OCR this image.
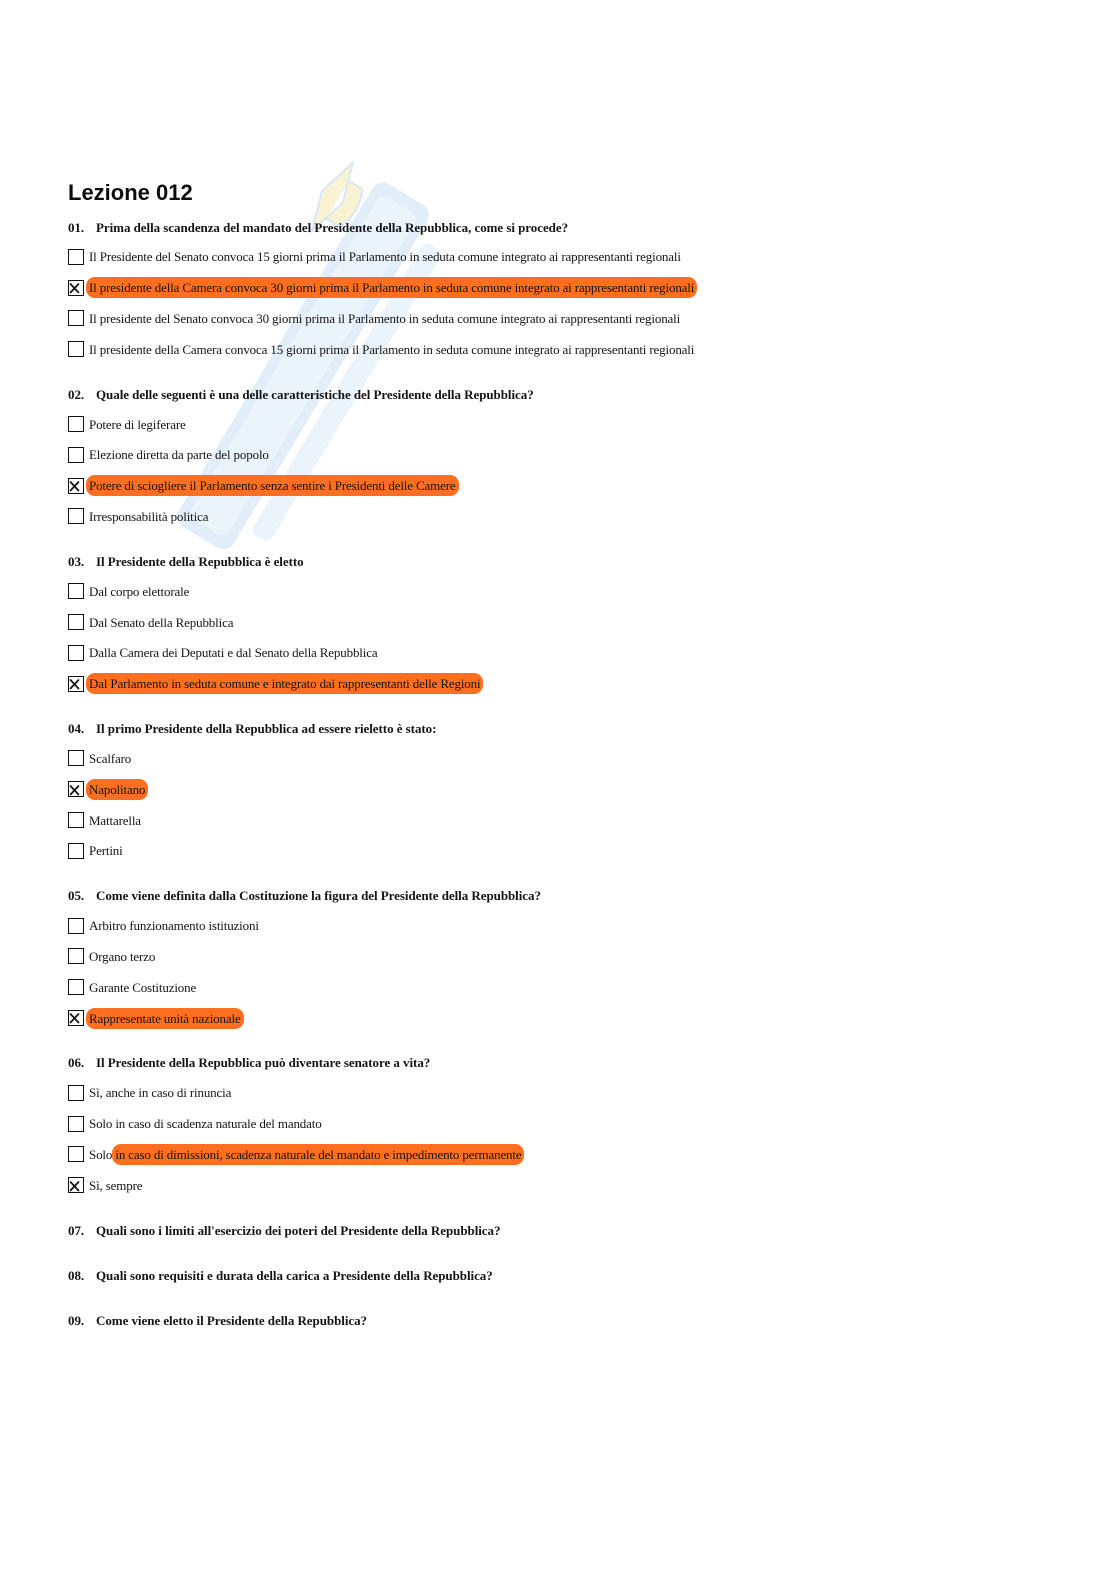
Lezione 012
01. Prima della scandenza del mandato del Presidente della Repubblica, come si procede?
Il Presidente del Senato convoca 15 giorni prima il Parlamento in seduta comune integrato ai rappresentanti regionali
Il presidente della Camera convoca 30 giorni prima il Parlamento in seduta comune integrato ai rappresentanti regionali
Il presidente del Senato convoca 30 giorni prima il Parlamento in seduta comune integrato ai rappresentanti regionali
Il presidente della Camera convoca 15 giorni prima il Parlamento in seduta comune integrato ai rappresentanti regionali
02. Quale delle seguenti è una delle caratteristiche del Presidente della Repubblica?
Potere di legiferare
Elezione diretta da parte del popolo
Potere di sciogliere il Parlamento senza sentire i Presidenti delle Camere
Irresponsabilità politica
03. Il Presidente della Repubblica è eletto
Dal corpo elettorale
Dal Senato della Repubblica
Dalla Camera dei Deputati e dal Senato della Repubblica
Dal Parlamento in seduta comune e integrato dai rappresentanti delle Regioni
04. Il primo Presidente della Repubblica ad essere rieletto è stato:
Scalfaro
Napolitano
Mattarella
Pertini
05. Come viene definita dalla Costituzione la figura del Presidente della Repubblica?
Arbitro funzionamento istituzioni
Organo terzo
Garante Costituzione
Rappresentate unità nazionale
06. Il Presidente della Repubblica può diventare senatore a vita?
Sì, anche in caso di rinuncia
Solo in caso di scadenza naturale del mandato
Solo in caso di dimissioni, scadenza naturale del mandato e impedimento permanente
Sì, sempre
07. Quali sono i limiti all'esercizio dei poteri del Presidente della Repubblica?
08. Quali sono requisiti e durata della carica a Presidente della Repubblica?
09. Come viene eletto il Presidente della Repubblica?
